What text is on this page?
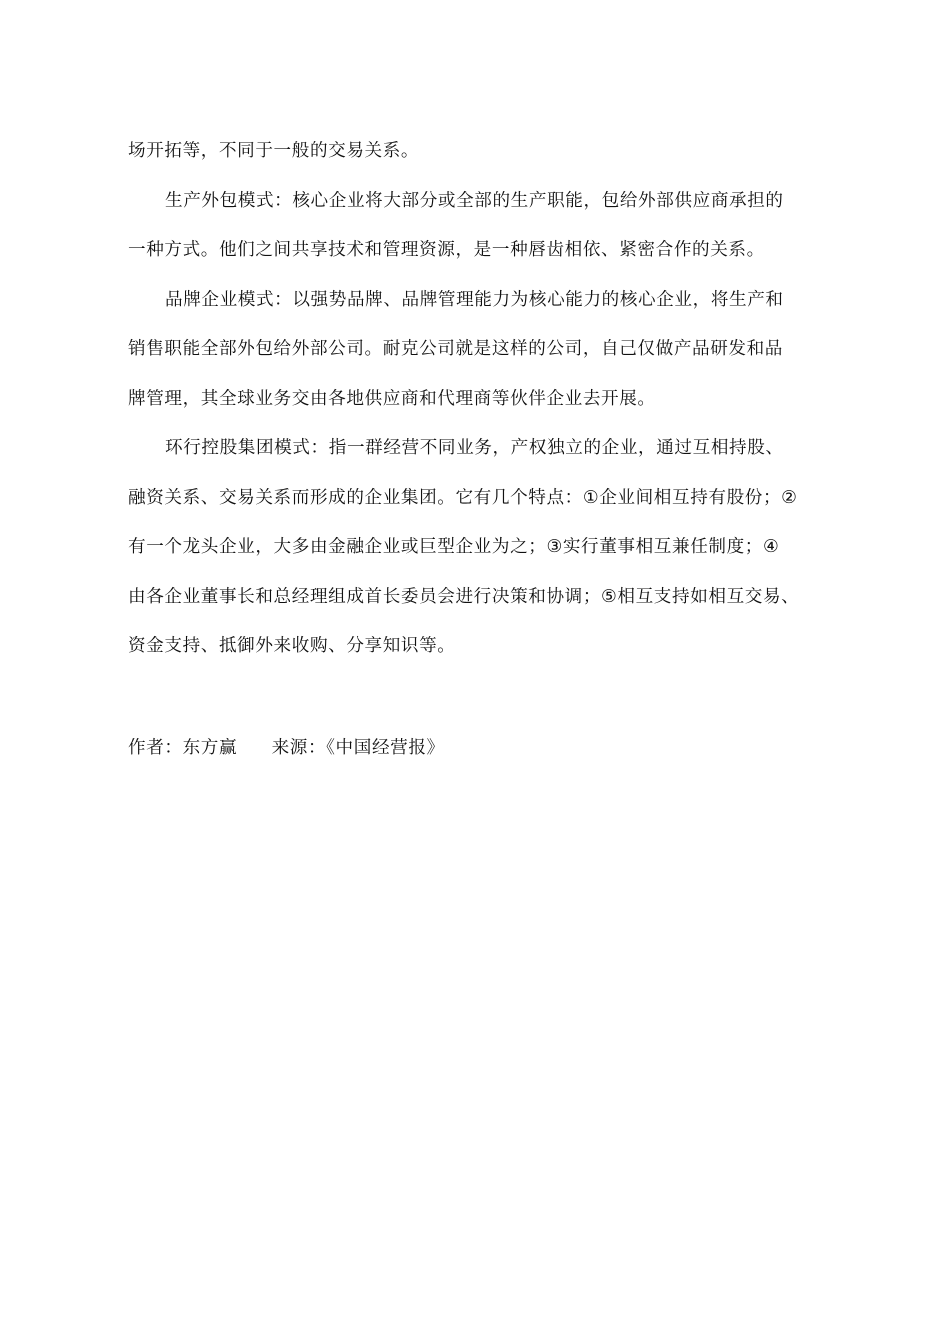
场开拓等，不同于一般的交易关系。
生产外包模式：核心企业将大部分或全部的生产职能，包给外部供应商承担的
一种方式。他们之间共享技术和管理资源，是一种唇齿相依、紧密合作的关系。
品牌企业模式：以强势品牌、品牌管理能力为核心能力的核心企业，将生产和
销售职能全部外包给外部公司。耐克公司就是这样的公司，自己仅做产品研发和品
牌管理，其全球业务交由各地供应商和代理商等伙伴企业去开展。
环行控股集团模式：指一群经营不同业务，产权独立的企业，通过互相持股、
融资关系、交易关系而形成的企业集团。它有几个特点：①企业间相互持有股份；②
有一个龙头企业，大多由金融企业或巨型企业为之；③实行董事相互兼任制度；④
由各企业董事长和总经理组成首长委员会进行决策和协调；⑤相互支持如相互交易、
资金支持、抵御外来收购、分享知识等。
作者：东方赢 来源：《中国经营报》
